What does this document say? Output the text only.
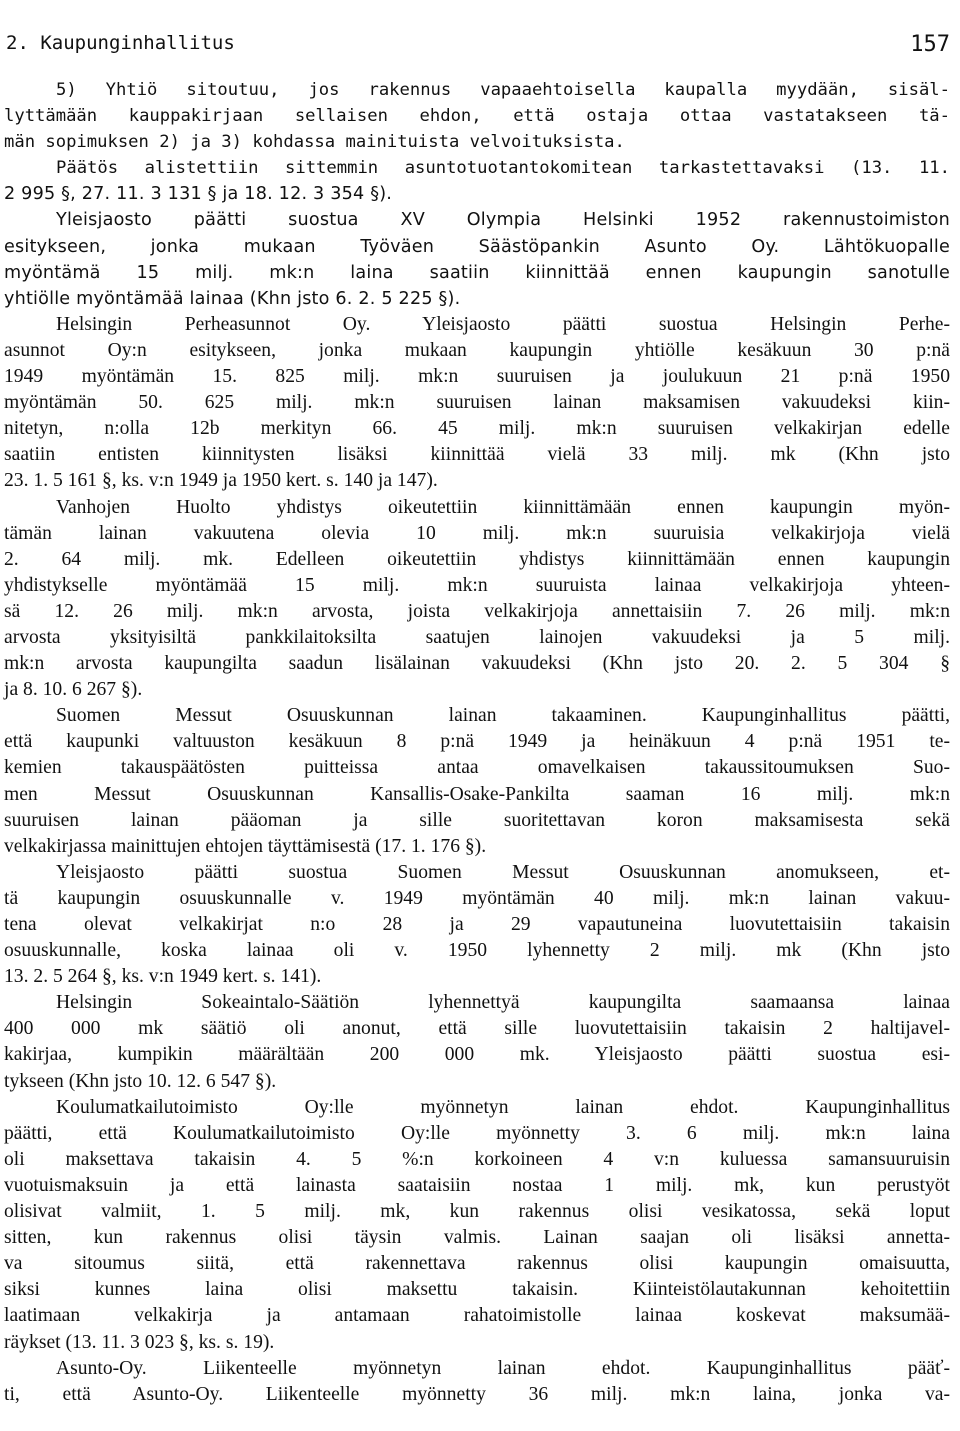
2. Kaupunginhallitus	157
5) Yhtiö sitoutuu, jos rakennus vapaaehtoisella kaupalla myydään, sisäl-
lyttämään kauppakirjaan sellaisen ehdon, että ostaja ottaa vastatakseen tä-
män sopimuksen 2) ja 3) kohdassa mainituista velvoituksista.
Päätös alistettiin sittemmin asuntotuotantokomitean tarkastettavaksi (13. 11.
2 995 §, 27. 11. 3 131 § ja 18. 12. 3 354 §).
Yleisjaosto päätti suostua XV Olympia Helsinki 1952 rakennustoimiston
esitykseen, jonka mukaan Työväen Säästöpankin Asunto Oy. Lähtökuopalle
myöntämä 15 milj. mk:n laina saatiin kiinnittää ennen kaupungin sanotulle
yhtiölle myöntämää lainaa (Khn jsto 6. 2. 5 225 §).
Helsingin Perheasunnot Oy. Yleisjaosto päätti suostua Helsingin Perhe-
asunnot Oy:n esitykseen, jonka mukaan kaupungin yhtiölle kesäkuun 30 p:nä
1949 myöntämän 15. 825 milj. mk:n suuruisen ja joulukuun 21 p:nä 1950
myöntämän 50. 625 milj. mk:n suuruisen lainan maksamisen vakuudeksi kiin-
nitetyn, n:olla 12b merkityn 66. 45 milj. mk:n suuruisen velkakirjan edelle
saatiin entisten kiinnitysten lisäksi kiinnittää vielä 33 milj. mk (Khn jsto
23. 1. 5 161 §, ks. v:n 1949 ja 1950 kert. s. 140 ja 147).
Vanhojen Huolto yhdistys oikeutettiin kiinnittämään ennen kaupungin myön-
tämän lainan vakuutena olevia 10 milj. mk:n suuruisia velkakirjoja vielä
2. 64 milj. mk. Edelleen oikeutettiin yhdistys kiinnittämään ennen kaupungin
yhdistykselle myöntämää 15 milj. mk:n suuruista lainaa velkakirjoja yhteen-
sä 12. 26 milj. mk:n arvosta, joista velkakirjoja annettaisiin 7. 26 milj. mk:n
arvosta yksityisiltä pankkilaitoksilta saatujen lainojen vakuudeksi ja 5 milj.
mk:n arvosta kaupungilta saadun lisälainan vakuudeksi (Khn jsto 20. 2. 5 304 §
ja 8. 10. 6 267 §).
Suomen Messut Osuuskunnan lainan takaaminen. Kaupunginhallitus päätti,
että kaupunki valtuuston kesäkuun 8 p:nä 1949 ja heinäkuun 4 p:nä 1951 te-
kemien takauspäätösten puitteissa antaa omavelkaisen takaussitoumuksen Suo-
men Messut Osuuskunnan Kansallis-Osake-Pankilta saaman 16 milj. mk:n
suuruisen lainan pääoman ja sille suoritettavan koron maksamisesta sekä
velkakirjassa mainittujen ehtojen täyttämisestä (17. 1. 176 §).
Yleisjaosto päätti suostua Suomen Messut Osuuskunnan anomukseen, et-
tä kaupungin osuuskunnalle v. 1949 myöntämän 40 milj. mk:n lainan vakuu-
tena olevat velkakirjat n:o 28 ja 29 vapautuneina luovutettaisiin takaisin
osuuskunnalle, koska lainaa oli v. 1950 lyhennetty 2 milj. mk (Khn jsto
13. 2. 5 264 §, ks. v:n 1949 kert. s. 141).
Helsingin Sokeaintalo-Säätiön lyhennettyä kaupungilta saamaansa lainaa
400 000 mk säätiö oli anonut, että sille luovutettaisiin takaisin 2 haltijavel-
kakirjaa, kumpikin määrältään 200 000 mk. Yleisjaosto päätti suostua esi-
tykseen (Khn jsto 10. 12. 6 547 §).
Koulumatkailutoimisto Oy:lle myönnetyn lainan ehdot. Kaupunginhallitus
päätti, että Koulumatkailutoimisto Oy:lle myönnetty 3. 6 milj. mk:n laina
oli maksettava takaisin 4. 5 %:n korkoineen 4 v:n kuluessa samansuuruisin
vuotuismaksuin ja että lainasta saataisiin nostaa 1 milj. mk, kun perustyöt
olisivat valmiit, 1. 5 milj. mk, kun rakennus olisi vesikatossa, sekä loput
sitten, kun rakennus olisi täysin valmis. Lainan saajan oli lisäksi annetta-
va sitoumus siitä, että rakennettava rakennus olisi kaupungin omaisuutta,
siksi kunnes laina olisi maksettu takaisin. Kiinteistölautakunnan kehoitettiin
laatimaan velkakirja ja antamaan rahatoimistolle lainaa koskevat maksumää-
räykset (13. 11. 3 023 §, ks. s. 19).
Asunto-Oy. Liikenteelle myönnetyn lainan ehdot. Kaupunginhallitus pääť-
ti, että Asunto-Oy. Liikenteelle myönnetty 36 milj. mk:n laina, jonka va-
